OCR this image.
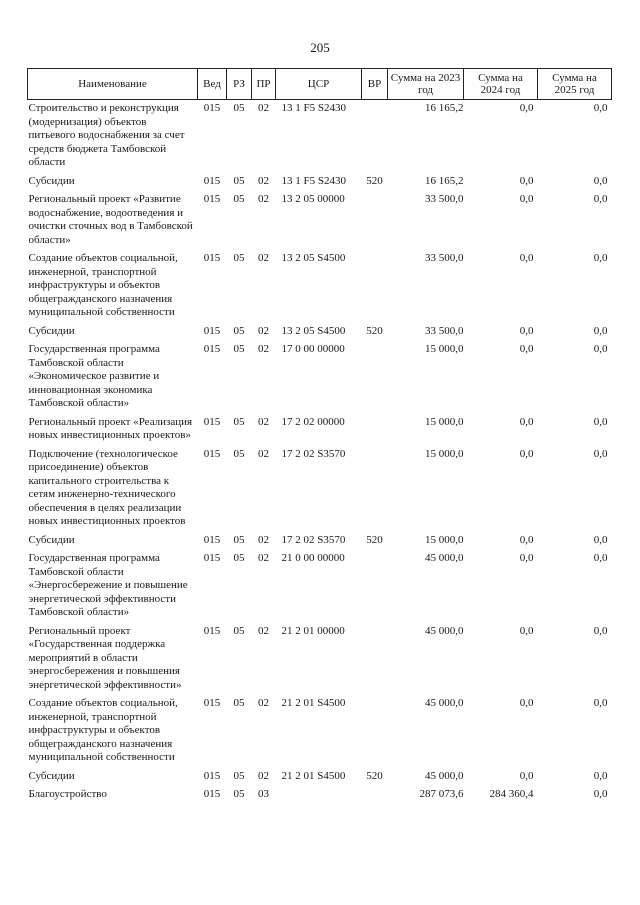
205
Наименование	Вед	РЗ	ПР	ЦСР	ВР	Сумма на 2023 год	Сумма на 2024 год	Сумма на 2025 год
Строительство и реконструкция (модернизация) объектов питьевого водоснабжения за счет средств бюджета Тамбовской области	015	05	02	13 1 F5 S2430		16 165,2	0,0	0,0
Субсидии	015	05	02	13 1 F5 S2430	520	16 165,2	0,0	0,0
Региональный проект «Развитие водоснабжение, водоотведения и очистки сточных вод в Тамбовской области»	015	05	02	13 2 05 00000		33 500,0	0,0	0,0
Создание объектов социальной, инженерной, транспортной инфраструктуры и объектов общегражданского назначения муниципальной собственности	015	05	02	13 2 05 S4500		33 500,0	0,0	0,0
Субсидии	015	05	02	13 2 05 S4500	520	33 500,0	0,0	0,0
Государственная программа Тамбовской области «Экономическое развитие и инновационная экономика Тамбовской области»	015	05	02	17 0 00 00000		15 000,0	0,0	0,0
Региональный проект «Реализация новых инвестиционных проектов»	015	05	02	17 2 02 00000		15 000,0	0,0	0,0
Подключение (технологическое присоединение) объектов капитального строительства к сетям инженерно-технического обеспечения в целях реализации новых инвестиционных проектов	015	05	02	17 2 02 S3570		15 000,0	0,0	0,0
Субсидии	015	05	02	17 2 02 S3570	520	15 000,0	0,0	0,0
Государственная программа Тамбовской области «Энергосбережение и повышение энергетической эффективности Тамбовской области»	015	05	02	21 0 00 00000		45 000,0	0,0	0,0
Региональный проект «Государственная поддержка мероприятий в области энергосбережения и повышения энергетической эффективности»	015	05	02	21 2 01 00000		45 000,0	0,0	0,0
Создание объектов социальной, инженерной, транспортной инфраструктуры и объектов общегражданского назначения муниципальной собственности	015	05	02	21 2 01 S4500		45 000,0	0,0	0,0
Субсидии	015	05	02	21 2 01 S4500	520	45 000,0	0,0	0,0
Благоустройство	015	05	03			287 073,6	284 360,4	0,0
